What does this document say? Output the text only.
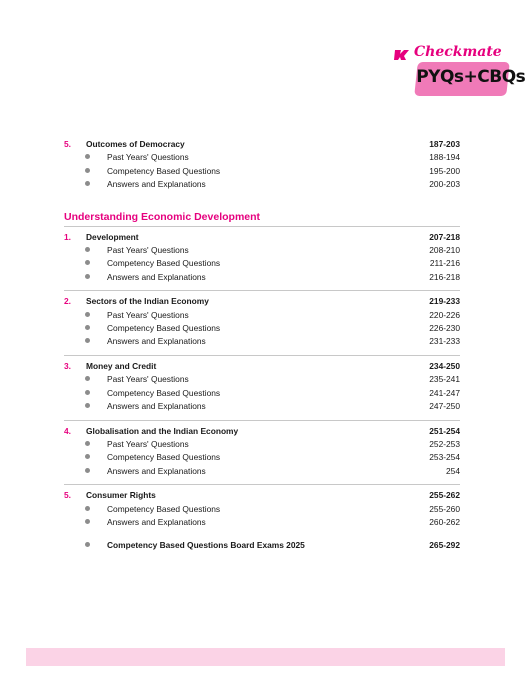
Checkmate
PYQs+CBQs
5.	Outcomes of Democracy	187-203
Past Years' Questions	188-194
Competency Based Questions	195-200
Answers and Explanations	200-203
Understanding Economic Development
1.	Development	207-218
Past Years' Questions	208-210
Competency Based Questions	211-216
Answers and Explanations	216-218
2.	Sectors of the Indian Economy	219-233
Past Years' Questions	220-226
Competency Based Questions	226-230
Answers and Explanations	231-233
3.	Money and Credit	234-250
Past Years' Questions	235-241
Competency Based Questions	241-247
Answers and Explanations	247-250
4.	Globalisation and the Indian Economy	251-254
Past Years' Questions	252-253
Competency Based Questions	253-254
Answers and Explanations	254
5.	Consumer Rights	255-262
Competency Based Questions	255-260
Answers and Explanations	260-262
Competency Based Questions Board Exams 2025	265-292
